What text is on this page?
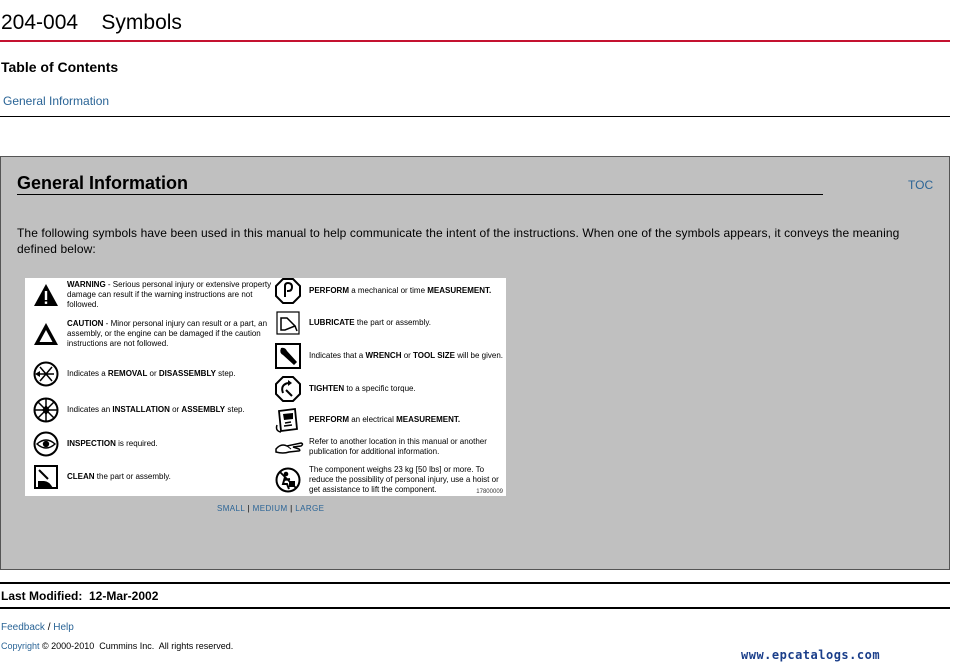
204-004    Symbols
Table of Contents
General Information
General Information	TOC
The following symbols have been used in this manual to help communicate the intent of the instructions. When one of the symbols appears, it conveys the meaning defined below:
WARNING - Serious personal injury or extensive property damage can result if the warning instructions are not followed.
CAUTION - Minor personal injury can result or a part, an assembly, or the engine can be damaged if the caution instructions are not followed.
Indicates a REMOVAL or DISASSEMBLY step.
Indicates an INSTALLATION or ASSEMBLY step.
INSPECTION is required.
CLEAN the part or assembly.
PERFORM a mechanical or time MEASUREMENT.
LUBRICATE the part or assembly.
Indicates that a WRENCH or TOOL SIZE will be given.
TIGHTEN to a specific torque.
PERFORM an electrical MEASUREMENT.
Refer to another location in this manual or another publication for additional information.
The component weighs 23 kg [50 lbs] or more. To reduce the possibility of personal injury, use a hoist or get assistance to lift the component.	17800009
SMALL | MEDIUM | LARGE
Last Modified: 12-Mar-2002
Feedback / Help
Copyright © 2000-2010  Cummins Inc.  All rights reserved.
www.epcatalogs.com
